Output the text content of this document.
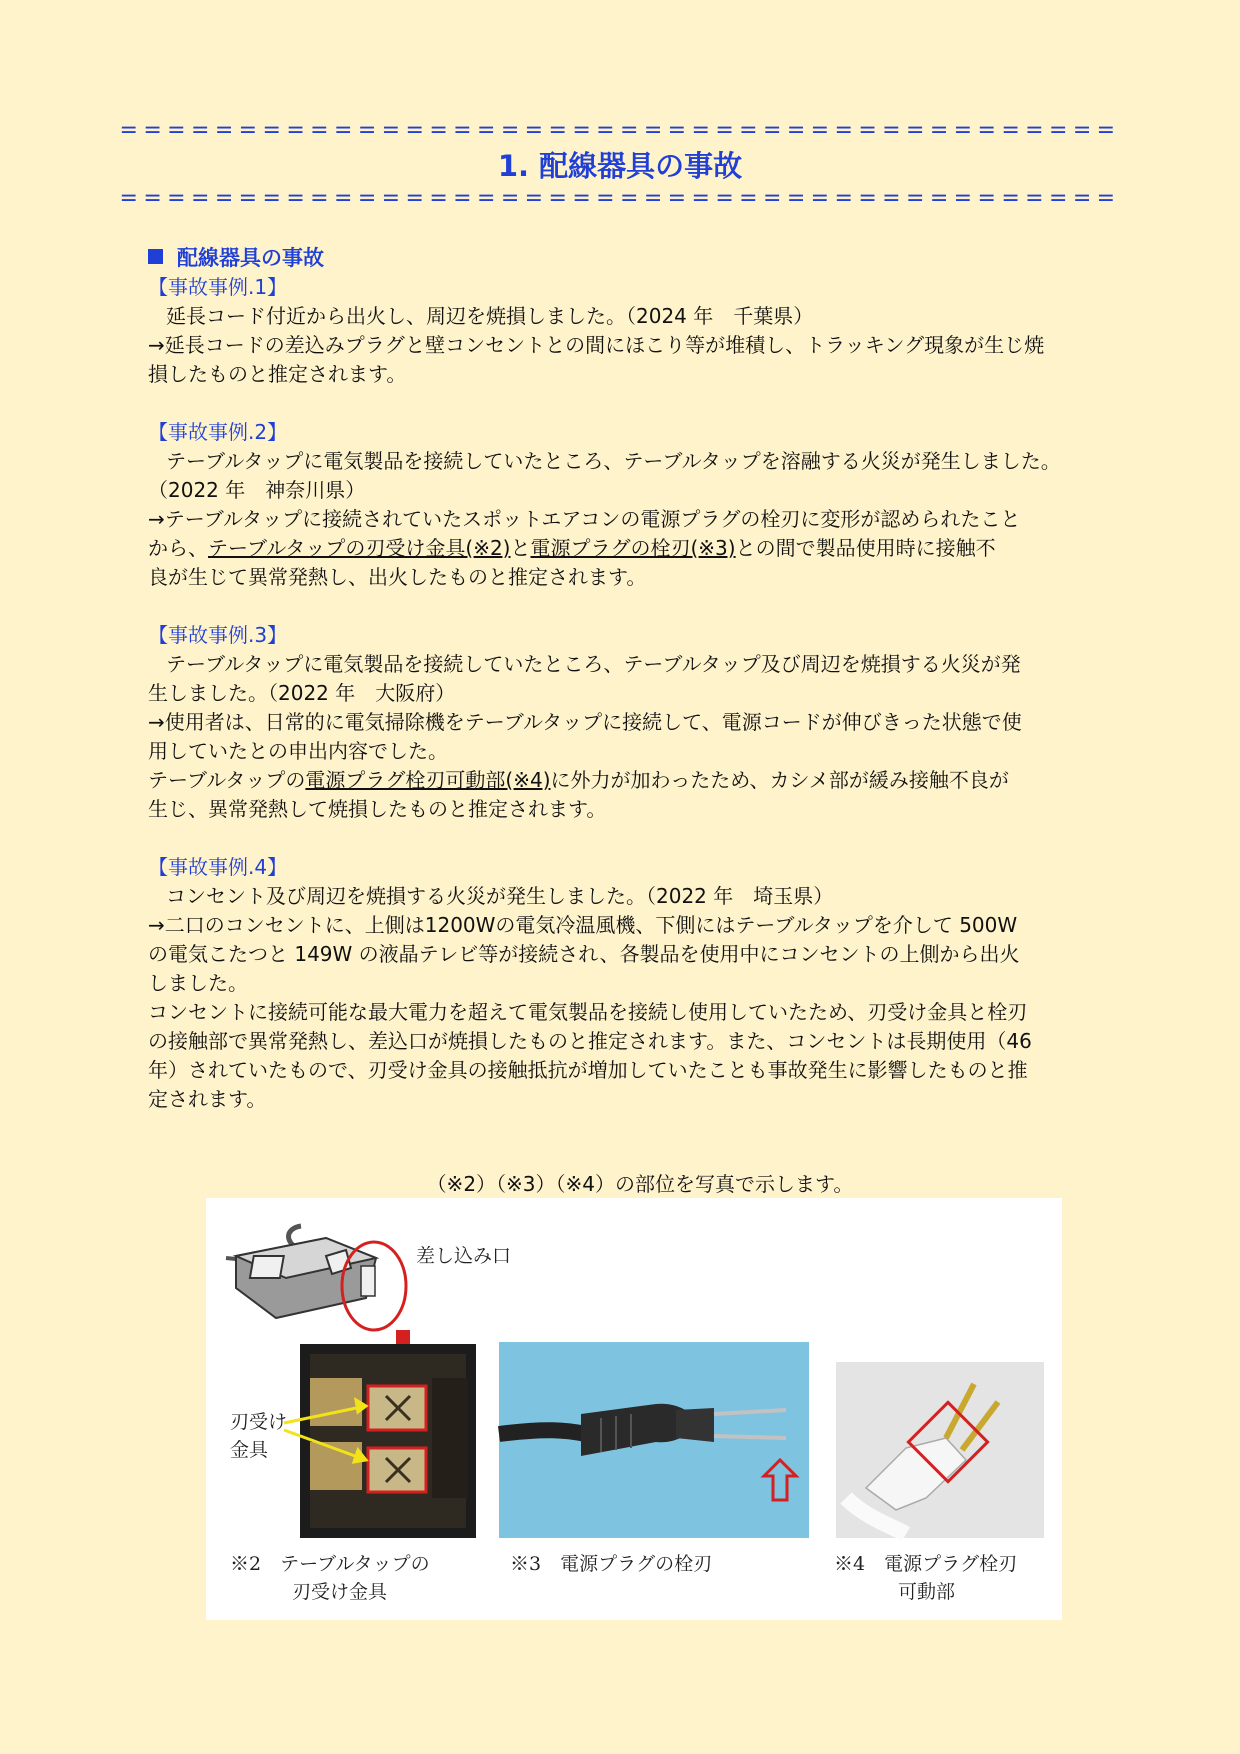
==========================================
1. 配線器具の事故
==========================================
配線器具の事故
【事故事例.1】
延長コード付近から出火し、周辺を焼損しました。（2024 年　千葉県）
→延長コードの差込みプラグと壁コンセントとの間にほこり等が堆積し、トラッキング現象が生じ焼
損したものと推定されます。
【事故事例.2】
テーブルタップに電気製品を接続していたところ、テーブルタップを溶融する火災が発生しました。
（2022 年　神奈川県）
→テーブルタップに接続されていたスポットエアコンの電源プラグの栓刃に変形が認められたこと
から、テーブルタップの刃受け金具(※2)と電源プラグの栓刃(※3)との間で製品使用時に接触不
良が生じて異常発熱し、出火したものと推定されます。
【事故事例.3】
テーブルタップに電気製品を接続していたところ、テーブルタップ及び周辺を焼損する火災が発
生しました。（2022 年　大阪府）
→使用者は、日常的に電気掃除機をテーブルタップに接続して、電源コードが伸びきった状態で使
用していたとの申出内容でした。
テーブルタップの電源プラグ栓刃可動部(※4)に外力が加わったため、カシメ部が緩み接触不良が
生じ、異常発熱して焼損したものと推定されます。
【事故事例.4】
コンセント及び周辺を焼損する火災が発生しました。（2022 年　埼玉県）
→二口のコンセントに、上側は1200Wの電気冷温風機、下側にはテーブルタップを介して 500W
の電気こたつと 149W の液晶テレビ等が接続され、各製品を使用中にコンセントの上側から出火
しました。
コンセントに接続可能な最大電力を超えて電気製品を接続し使用していたため、刃受け金具と栓刃
の接触部で異常発熱し、差込口が焼損したものと推定されます。また、コンセントは長期使用（46
年）されていたもので、刃受け金具の接触抵抗が増加していたことも事故発生に影響したものと推
定されます。
（※2）（※3）（※4）の部位を写真で示します。
差し込み口
刃受け
金具
※2　テーブルタップの
刃受け金具
※3　電源プラグの栓刃	※4　電源プラグ栓刃
可動部
